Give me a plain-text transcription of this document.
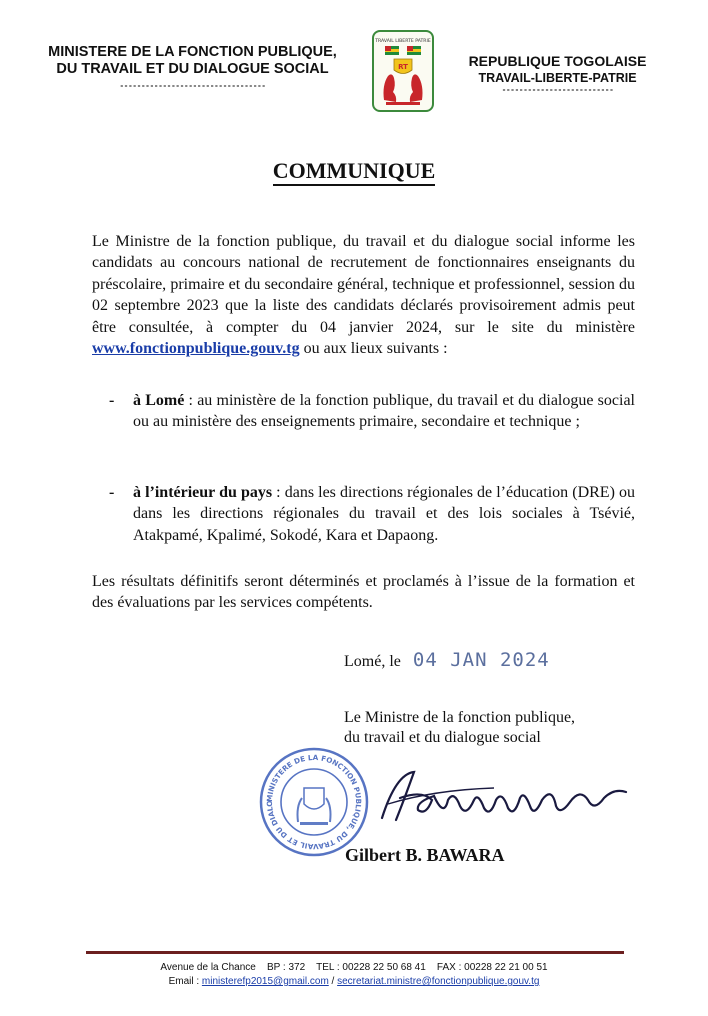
MINISTERE DE LA FONCTION PUBLIQUE,
DU TRAVAIL ET DU DIALOGUE SOCIAL
----------------------------------
TRAVAIL LIBERTE PATRIE
RT	REPUBLIQUE TOGOLAISE
TRAVAIL-LIBERTE-PATRIE
--------------------------
COMMUNIQUE
Le Ministre de la fonction publique, du travail et du dialogue social informe les candidats au concours national de recrutement de fonctionnaires enseignants du préscolaire, primaire et du secondaire général, technique et professionnel, session du 02 septembre 2023 que la liste des candidats déclarés provisoirement admis peut être consultée, à compter du 04 janvier 2024, sur le site du ministère www.fonctionpublique.gouv.tg ou aux lieux suivants :
- à Lomé : au ministère de la fonction publique, du travail et du dialogue social ou au ministère des enseignements primaire, secondaire et technique ;
- à l’intérieur du pays : dans les directions régionales de l’éducation (DRE) ou dans les directions régionales du travail et des lois sociales à Tsévié, Atakpamé, Kpalimé, Sokodé, Kara et Dapaong.
Les résultats définitifs seront déterminés et proclamés à l’issue de la formation et des évaluations par les services compétents.
Lomé, le 04 JAN 2024
Le Ministre de la fonction publique,
du travail et du dialogue social
MINISTERE DE LA FONCTION PUBLIQUE, DU TRAVAIL ET DU DIALO
Gilbert B. BAWARA
Avenue de la Chance    BP : 372    TEL : 00228 22 50 68 41    FAX : 00228 22 21 00 51
Email : ministerefp2015@gmail.com / secretariat.ministre@fonctionpublique.gouv.tg
